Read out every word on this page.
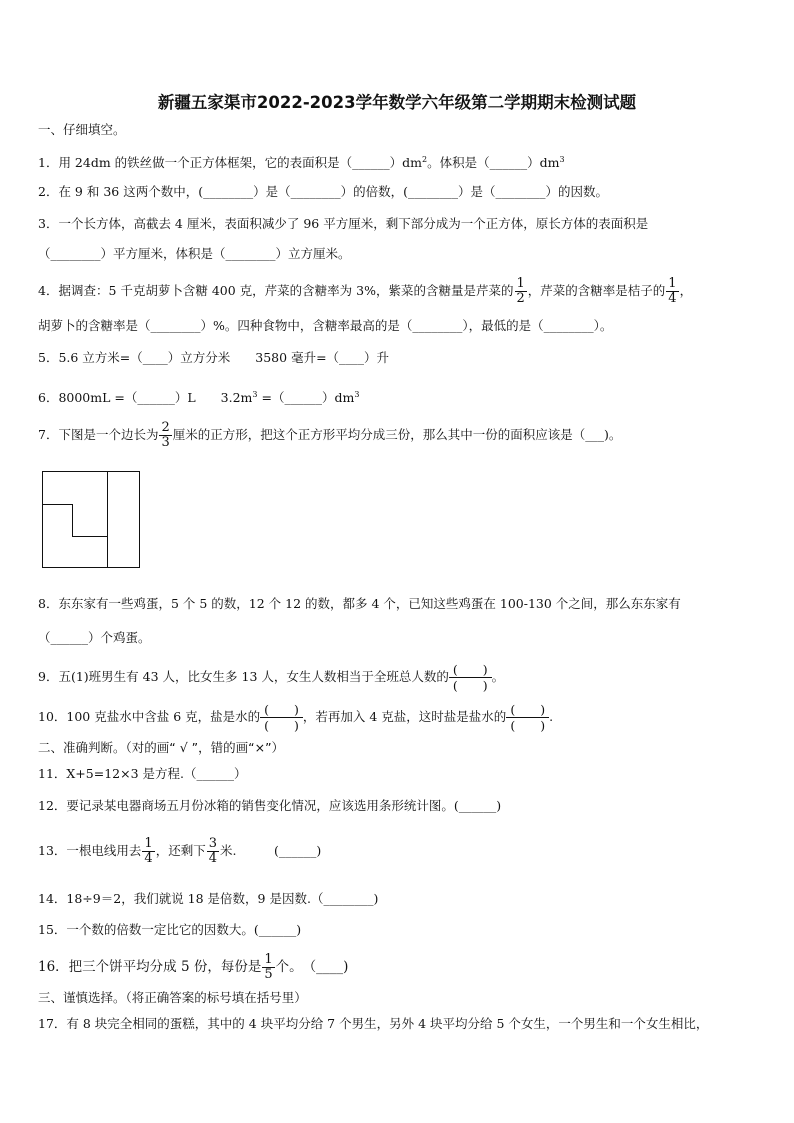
新疆五家渠市2022-2023学年数学六年级第二学期期末检测试题
一、仔细填空。
1．用 24dm 的铁丝做一个正方体框架，它的表面积是$(\_\_\_\_\_\_)dm^2$。体积是$(\_\_\_\_\_\_)dm^3$
2．在 9 和 36 这两个数中，(________）是（________）的倍数，(________）是（________）的因数。
3．一个长方体，高截去 4 厘米，表面积减少了 96 平方厘米，剩下部分成为一个正方体，原长方体的表面积是
（________）平方厘米，体积是（________）立方厘米。
4．据调查：5 千克胡萝卜含糖 400 克，芹菜的含糖率为 3%，紫菜的含糖量是芹菜的 $\frac{1}{2}$ ，芹菜的含糖率是桔子的 $\frac{1}{4}$ ，
胡萝卜的含糖率是（________）%。四种食物中，含糖率最高的是（________），最低的是（________）。
5．5.6 立方米=（____）立方分米　　3580 毫升=（____）升
6．8000mL =（______）L　　$3.2m^3$ $=(\_\_\_\_\_\_)dm^3$
7．下图是一个边长为 $\frac{2}{3}$ 厘米的正方形，把这个正方形平均分成三份，那么其中一份的面积应该是（___)。
8．东东家有一些鸡蛋，5 个 5 的数，12 个 12 的数，都多 4 个，已知这些鸡蛋在 100-130 个之间，那么东东家有
（______）个鸡蛋。
9．五(1)班男生有 43 人，比女生多 13 人，女生人数相当于全班总人数的 (　　)
(　　)
。
10．100 克盐水中含盐 6 克，盐是水的 (　　)
(　　)
，若再加入 4 克盐，这时盐是盐水的 (　　)
(　　)
.
二、准确判断。（对的画“ √ ”，错的画“×”）
11．X+5=12×3 是方程.（______）
12．要记录某电器商场五月份冰箱的销售变化情况，应该选用条形统计图。(______)
13．一根电线用去 $\frac{1}{4}$ ，还剩下 $\frac{3}{4}$ 米.　　　(______)
14．18÷9＝2，我们就说 18 是倍数，9 是因数.（________)
15．一个数的倍数一定比它的因数大。(______)
16．把三个饼平均分成 5 份，每份是 $\frac{1}{5}$ 个。　（____)
三、谨慎选择。（将正确答案的标号填在括号里）
17．有 8 块完全相同的蛋糕，其中的 4 块平均分给 7 个男生，另外 4 块平均分给 5 个女生，一个男生和一个女生相比，
